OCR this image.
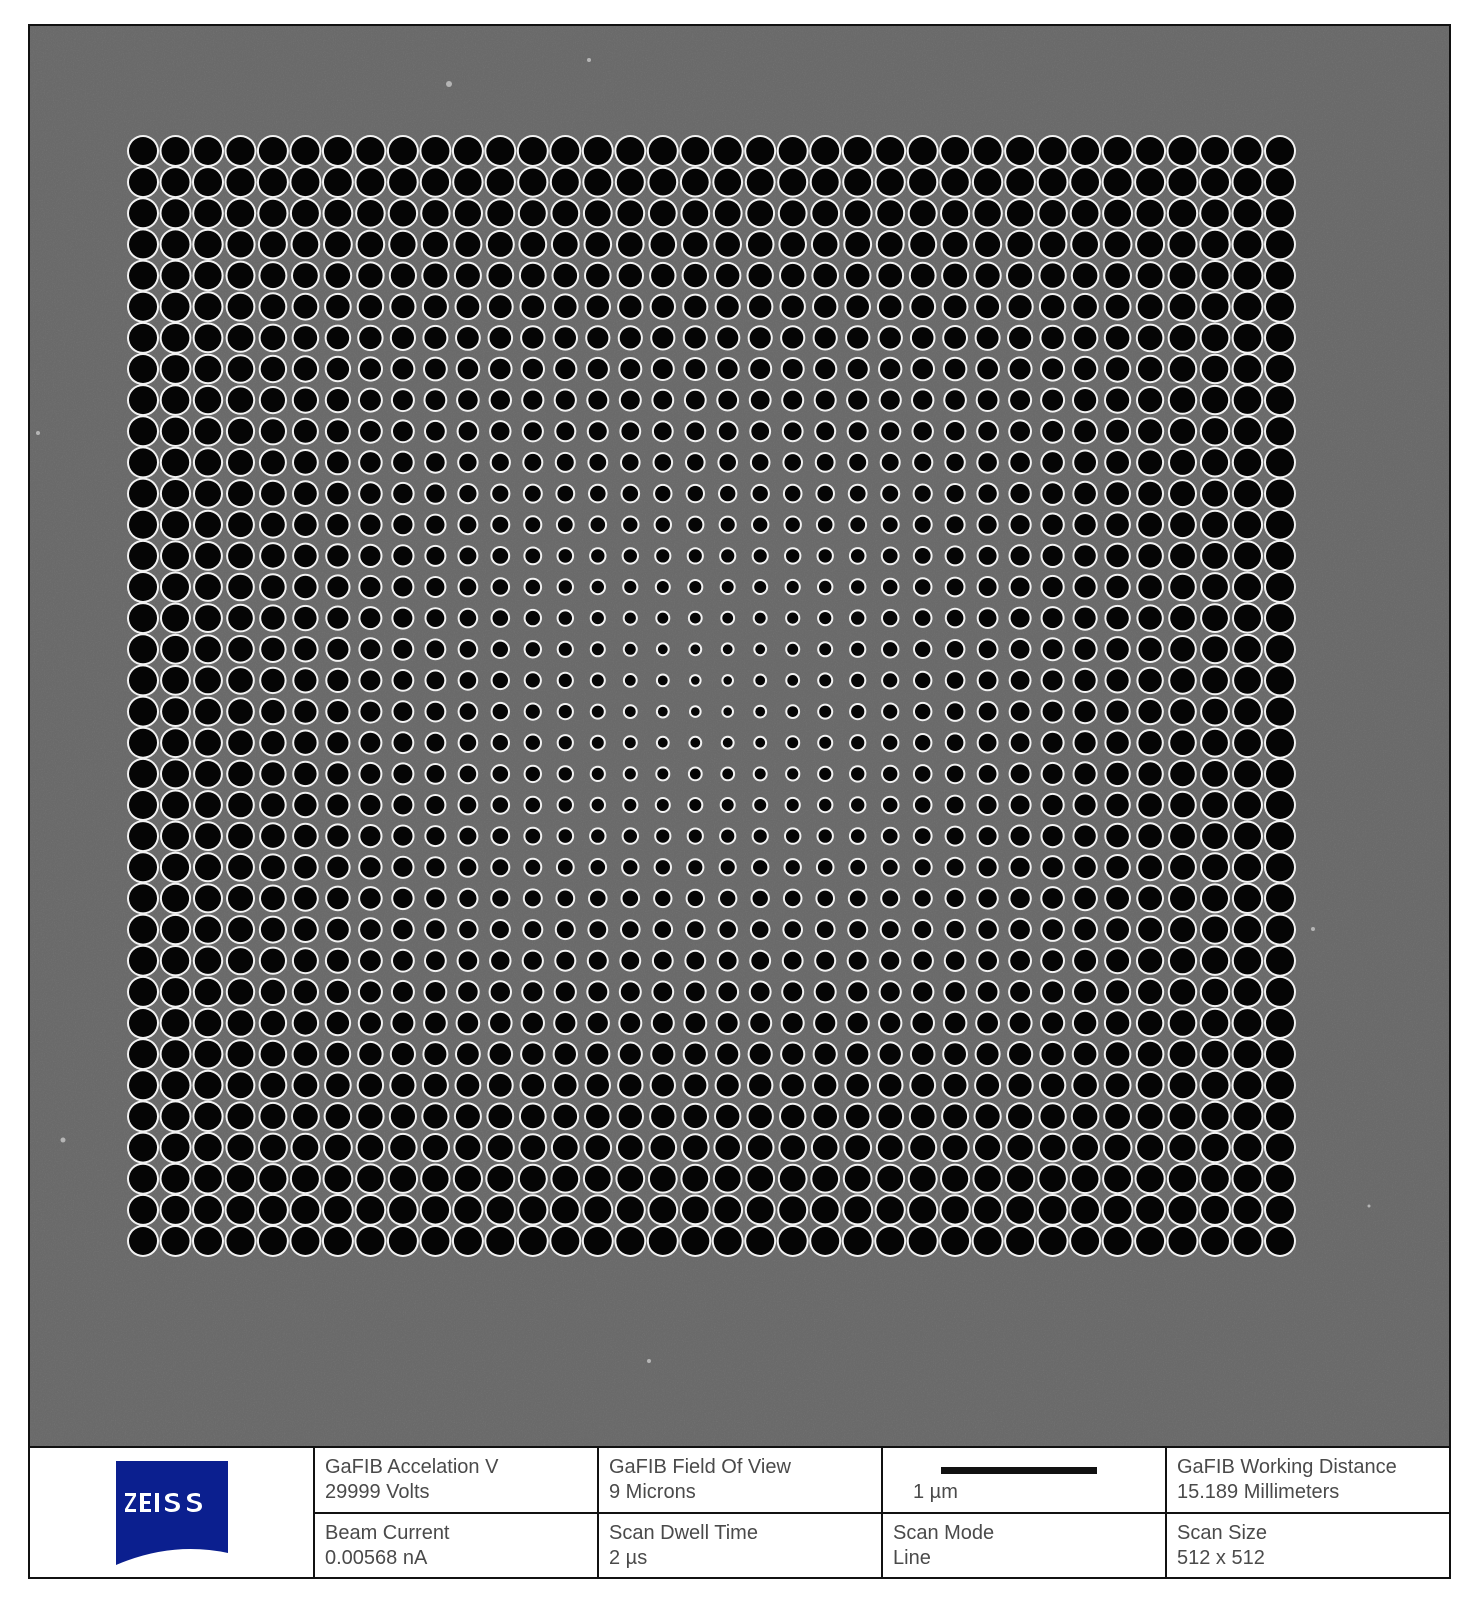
GaFIB Accelation V
29999 Volts
GaFIB Field Of View
9 Microns	1 µm
GaFIB Working Distance
15.189 Millimeters
Beam Current
0.00568 nA
Scan Dwell Time
2 µs
Scan Mode
Line
Scan Size
512 x 512
